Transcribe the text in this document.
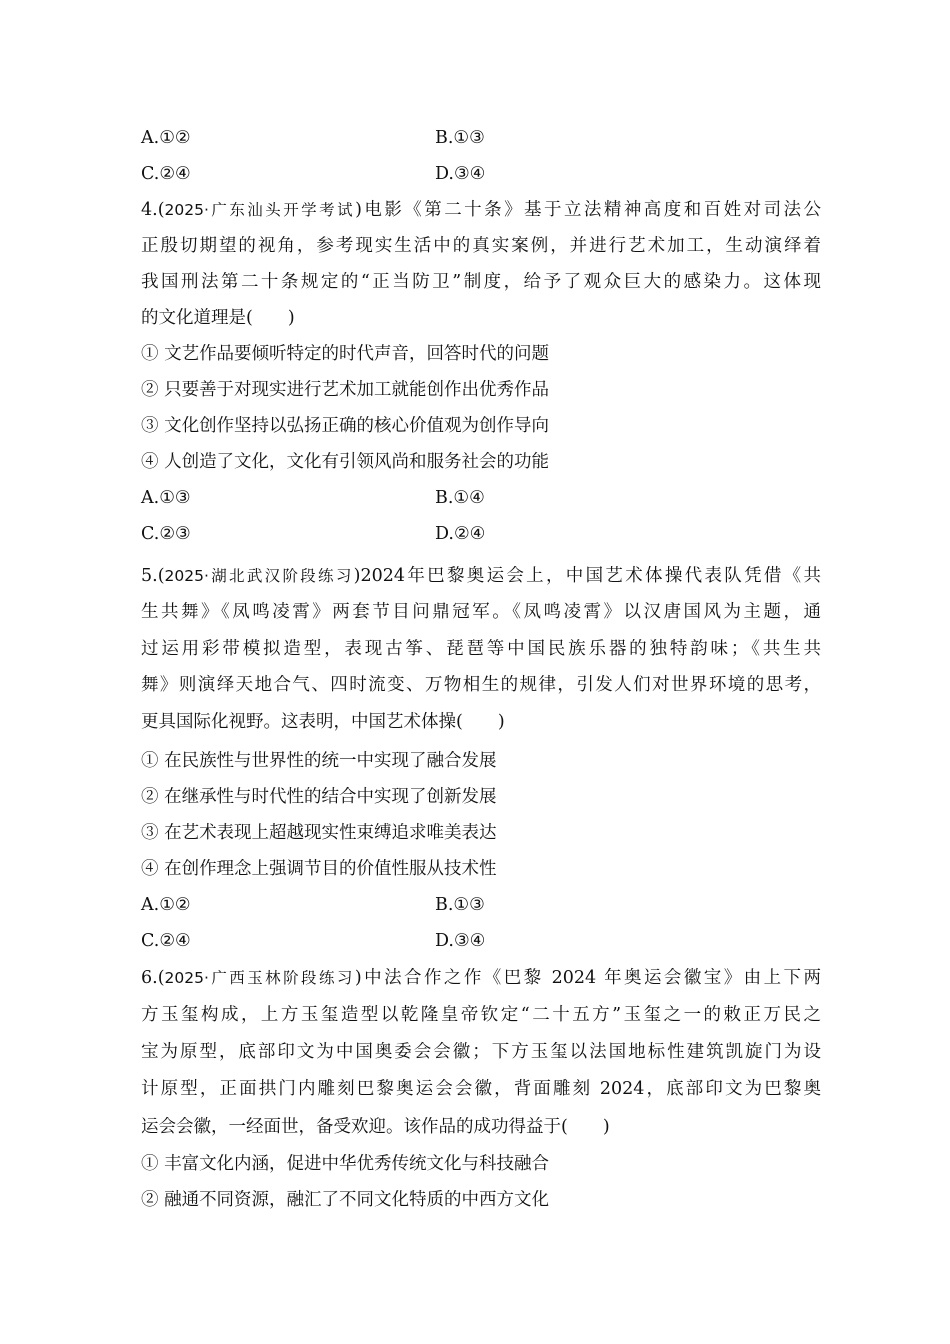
A.①②	B.①③
C.②④	D.③④
4.(2025·广东汕头开学考试)电影《第二十条》基于立法精神高度和百姓对司法公
正殷切期望的视角，参考现实生活中的真实案例，并进行艺术加工，生动演绎着
我国刑法第二十条规定的“正当防卫”制度，给予了观众巨大的感染力。这体现
的文化道理是(　　)
① 文艺作品要倾听特定的时代声音，回答时代的问题
② 只要善于对现实进行艺术加工就能创作出优秀作品
③ 文化创作坚持以弘扬正确的核心价值观为创作导向
④ 人创造了文化，文化有引领风尚和服务社会的功能
A.①③	B.①④
C.②③	D.②④
5.(2025·湖北武汉阶段练习)2024年巴黎奥运会上，中国艺术体操代表队凭借《共
生共舞》《凤鸣凌霄》两套节目问鼎冠军。《凤鸣凌霄》以汉唐国风为主题，通
过运用彩带模拟造型，表现古筝、琵琶等中国民族乐器的独特韵味；《共生共
舞》则演绎天地合气、四时流变、万物相生的规律，引发人们对世界环境的思考，
更具国际化视野。这表明，中国艺术体操(　　)
① 在民族性与世界性的统一中实现了融合发展
② 在继承性与时代性的结合中实现了创新发展
③ 在艺术表现上超越现实性束缚追求唯美表达
④ 在创作理念上强调节目的价值性服从技术性
A.①②	B.①③
C.②④	D.③④
6.(2025·广西玉林阶段练习)中法合作之作《巴黎 2024 年奥运会徽宝》由上下两
方玉玺构成，上方玉玺造型以乾隆皇帝钦定“二十五方”玉玺之一的敕正万民之
宝为原型，底部印文为中国奥委会会徽；下方玉玺以法国地标性建筑凯旋门为设
计原型，正面拱门内雕刻巴黎奥运会会徽，背面雕刻 2024，底部印文为巴黎奥
运会会徽，一经面世，备受欢迎。该作品的成功得益于(　　)
① 丰富文化内涵，促进中华优秀传统文化与科技融合
② 融通不同资源，融汇了不同文化特质的中西方文化
